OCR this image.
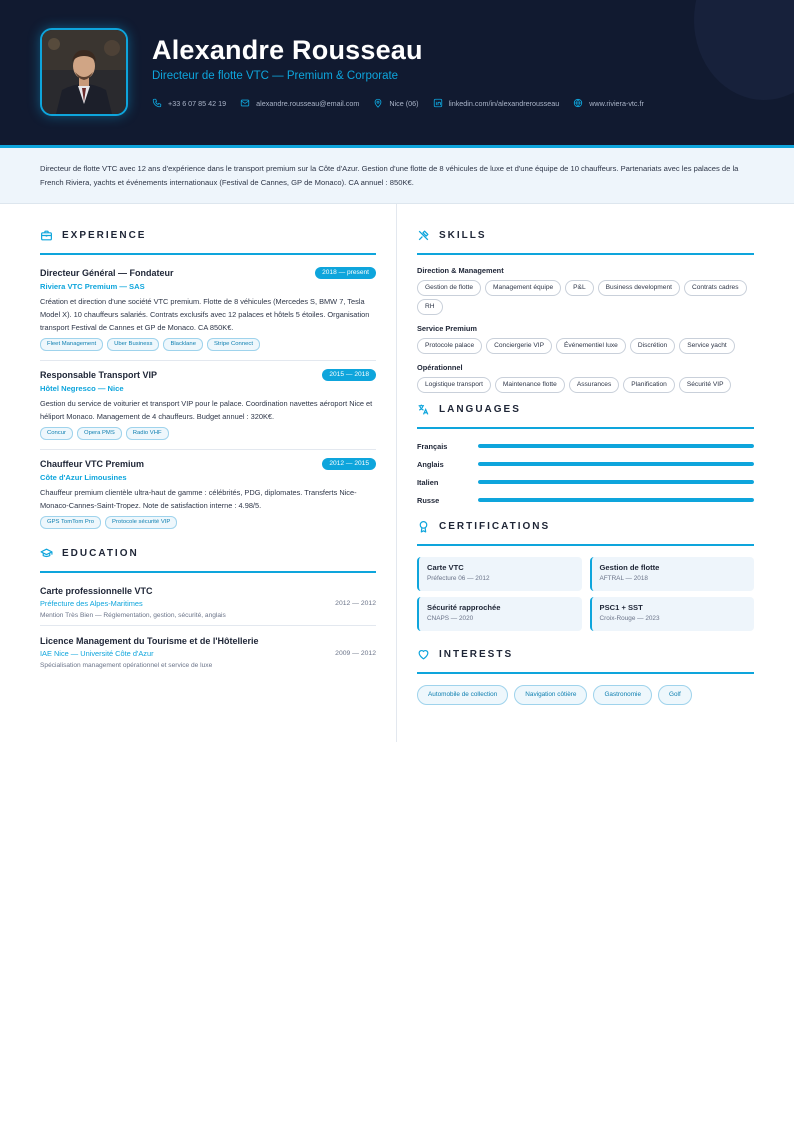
Alexandre Rousseau
Directeur de flotte VTC — Premium & Corporate
+33 6 07 85 42 19	alexandre.rousseau@email.com	Nice (06)	linkedin.com/in/alexandrerousseau	www.riviera-vtc.fr

Directeur de flotte VTC avec 12 ans d'expérience dans le transport premium sur la Côte d'Azur. Gestion d'une flotte de 8 véhicules de luxe et d'une équipe de 10 chauffeurs. Partenariats avec les palaces de la French Riviera, yachts et événements internationaux (Festival de Cannes, GP de Monaco). CA annuel : 850K€.

EXPERIENCE
Directeur Général — Fondateur	2018 — present
Riviera VTC Premium — SAS
Création et direction d'une société VTC premium. Flotte de 8 véhicules (Mercedes S, BMW 7, Tesla Model X). 10 chauffeurs salariés. Contrats exclusifs avec 12 palaces et hôtels 5 étoiles. Organisation transport Festival de Cannes et GP de Monaco. CA 850K€.
Fleet Management	Uber Business	Blacklane	Stripe Connect
Responsable Transport VIP	2015 — 2018
Hôtel Negresco — Nice
Gestion du service de voiturier et transport VIP pour le palace. Coordination navettes aéroport Nice et héliport Monaco. Management de 4 chauffeurs. Budget annuel : 320K€.
Concur	Opera PMS	Radio VHF
Chauffeur VTC Premium	2012 — 2015
Côte d'Azur Limousines
Chauffeur premium clientèle ultra-haut de gamme : célébrités, PDG, diplomates. Transferts Nice-Monaco-Cannes-Saint-Tropez. Note de satisfaction interne : 4.98/5.
GPS TomTom Pro	Protocole sécurité VIP
EDUCATION
Carte professionnelle VTC
Préfecture des Alpes-Maritimes	2012 — 2012
Mention Très Bien — Réglementation, gestion, sécurité, anglais
Licence Management du Tourisme et de l'Hôtellerie
IAE Nice — Université Côte d'Azur	2009 — 2012
Spécialisation management opérationnel et service de luxe
SKILLS
Direction & Management
Gestion de flotte	Management équipe	P&L	Business development	Contrats cadres
RH
Service Premium
Protocole palace	Conciergerie VIP	Événementiel luxe	Discrétion	Service yacht
Opérationnel
Logistique transport	Maintenance flotte	Assurances	Planification	Sécurité VIP
LANGUAGES
Français
Anglais
Italien
Russe
CERTIFICATIONS
Carte VTC
Préfecture 06 — 2012
Gestion de flotte
AFTRAL — 2018
Sécurité rapprochée
CNAPS — 2020
PSC1 + SST
Croix-Rouge — 2023
INTERESTS
Automobile de collection	Navigation côtière	Gastronomie	Golf
